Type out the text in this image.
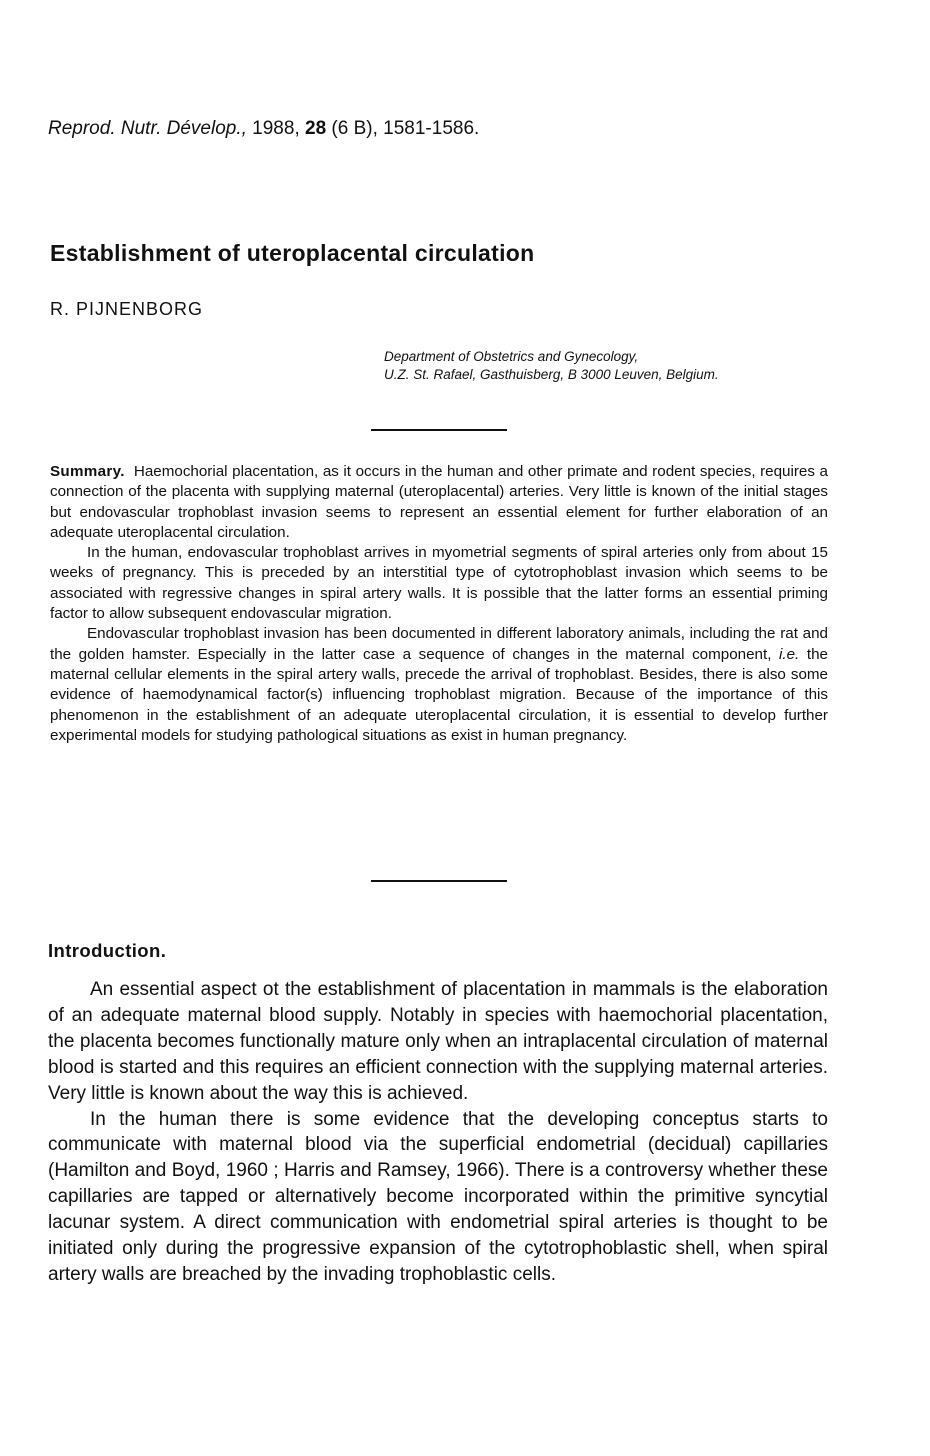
Reprod. Nutr. Dévelop., 1988, 28 (6 B), 1581-1586.
Establishment of uteroplacental circulation
R. PIJNENBORG
Department of Obstetrics and Gynecology,
U.Z. St. Rafael, Gasthuisberg, B 3000 Leuven, Belgium.

Summary. Haemochorial placentation, as it occurs in the human and other primate and rodent species, requires a connection of the placenta with supplying maternal (uteroplacental) arteries. Very little is known of the initial stages but endovascular trophoblast invasion seems to represent an essential element for further elaboration of an adequate uteroplacental circulation.

In the human, endovascular trophoblast arrives in myometrial segments of spiral arteries only from about 15 weeks of pregnancy. This is preceded by an interstitial type of cytotrophoblast invasion which seems to be associated with regressive changes in spiral artery walls. It is possible that the latter forms an essential priming factor to allow subsequent endovascular migration.

Endovascular trophoblast invasion has been documented in different laboratory animals, including the rat and the golden hamster. Especially in the latter case a sequence of changes in the maternal component, i.e. the maternal cellular elements in the spiral artery walls, precede the arrival of trophoblast. Besides, there is also some evidence of haemodynamical factor(s) influencing trophoblast migration. Because of the importance of this phenomenon in the establishment of an adequate uteroplacental circulation, it is essential to develop further experimental models for studying pathological situations as exist in human pregnancy.

Introduction.

An essential aspect ot the establishment of placentation in mammals is the elaboration of an adequate maternal blood supply. Notably in species with haemochorial placentation, the placenta becomes functionally mature only when an intraplacental circulation of maternal blood is started and this requires an efficient connection with the supplying maternal arteries. Very little is known about the way this is achieved.

In the human there is some evidence that the developing conceptus starts to communicate with maternal blood via the superficial endometrial (decidual) capillaries (Hamilton and Boyd, 1960 ; Harris and Ramsey, 1966). There is a controversy whether these capillaries are tapped or alternatively become incorporated within the primitive syncytial lacunar system. A direct communication with endometrial spiral arteries is thought to be initiated only during the progressive expansion of the cytotrophoblastic shell, when spiral artery walls are breached by the invading trophoblastic cells.
